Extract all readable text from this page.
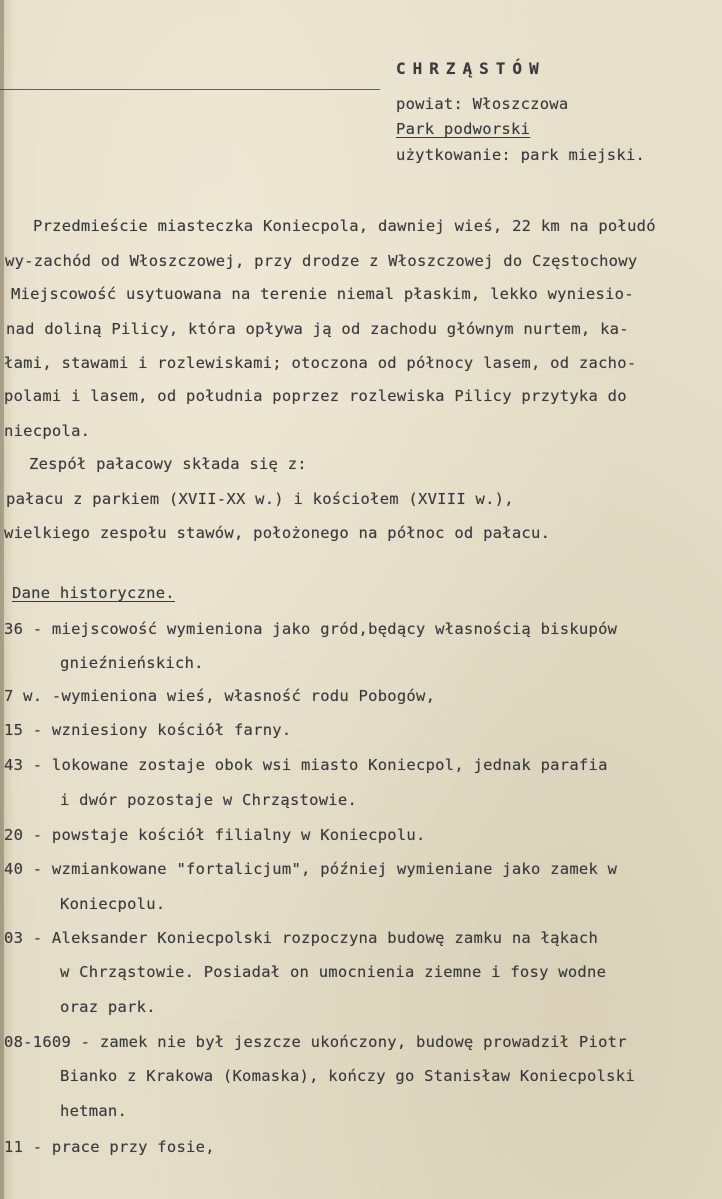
CHRZĄSTÓW
powiat: Włoszczowa
Park podworski
użytkowanie: park miejski.
Przedmieście miasteczka Koniecpola, dawniej wieś, 22 km na połudó
wy-zachód od Włoszczowej, przy drodze z Włoszczowej do Częstochowy
Miejscowość usytuowana na terenie niemal płaskim, lekko wyniesio-
nad doliną Pilicy, która opływa ją od zachodu głównym nurtem, ka-
łami, stawami i rozlewiskami; otoczona od północy lasem, od zacho-
polami i lasem, od południa poprzez rozlewiska Pilicy przytyka do
niecpola.
Zespół pałacowy składa się z:
pałacu z parkiem (XVII-XX w.) i kościołem (XVIII w.),
wielkiego zespołu stawów, położonego na północ od pałacu.
Dane historyczne.
36 - miejscowość wymieniona jako gród,będący własnością biskupów
gnieźnieńskich.
7 w. -wymieniona wieś, własność rodu Pobogów,
15 - wzniesiony kościół farny.
43 - lokowane zostaje obok wsi miasto Koniecpol, jednak parafia
i dwór pozostaje w Chrząstowie.
20 - powstaje kościół filialny w Koniecpolu.
40 - wzmiankowane "fortalicjum", później wymieniane jako zamek w
Koniecpolu.
03 - Aleksander Koniecpolski rozpoczyna budowę zamku na łąkach
w Chrząstowie. Posiadał on umocnienia ziemne i fosy wodne
oraz park.
08-1609 - zamek nie był jeszcze ukończony, budowę prowadził Piotr
Bianko z Krakowa (Komaska), kończy go Stanisław Koniecpolski
hetman.
11 - prace przy fosie,
